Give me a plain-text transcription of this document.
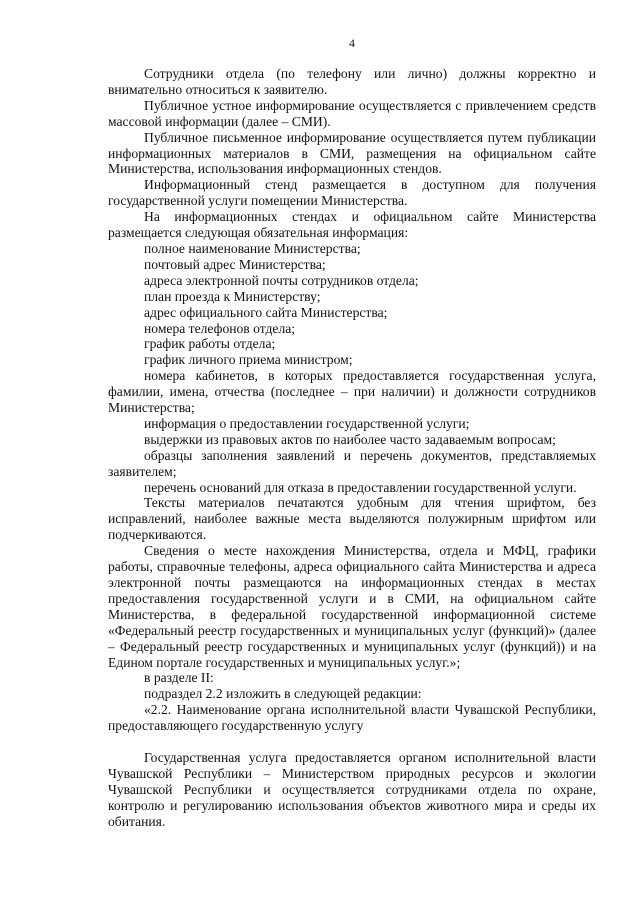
4

Сотрудники отдела (по телефону или лично) должны корректно и внимательно относиться к заявителю.

Публичное устное информирование осуществляется с привлечением средств массовой информации (далее – СМИ).

Публичное письменное информирование осуществляется путем публикации информационных материалов в СМИ, размещения на официальном сайте Министерства, использования информационных стендов.

Информационный стенд размещается в доступном для получения государственной услуги помещении Министерства.

На информационных стендах и официальном сайте Министерства размещается следующая обязательная информация:

полное наименование Министерства;

почтовый адрес Министерства;

адреса электронной почты сотрудников отдела;

план проезда к Министерству;

адрес официального сайта Министерства;

номера телефонов отдела;

график работы отдела;

график личного приема министром;

номера кабинетов, в которых предоставляется государственная услуга, фамилии, имена, отчества (последнее – при наличии) и должности сотрудников Министерства;

информация о предоставлении государственной услуги;

выдержки из правовых актов по наиболее часто задаваемым вопросам;

образцы заполнения заявлений и перечень документов, представляемых заявителем;

перечень оснований для отказа в предоставлении государственной услуги.

Тексты материалов печатаются удобным для чтения шрифтом, без исправлений, наиболее важные места выделяются полужирным шрифтом или подчеркиваются.

Сведения о месте нахождения Министерства, отдела и МФЦ, графики работы, справочные телефоны, адреса официального сайта Министерства и адреса электронной почты размещаются на информационных стендах в местах предоставления государственной услуги и в СМИ, на официальном сайте Министерства, в федеральной государственной информационной системе «Федеральный реестр государственных и муниципальных услуг (функций)» (далее – Федеральный реестр государственных и муниципальных услуг (функций)) и на Едином портале государственных и муниципальных услуг.»;

в разделе II:

подраздел 2.2 изложить в следующей редакции:

«2.2. Наименование органа исполнительной власти Чувашской Республики, предоставляющего государственную услугу

Государственная услуга предоставляется органом исполнительной власти Чувашской Республики – Министерством природных ресурсов и экологии Чувашской Республики и осуществляется сотрудниками отдела по охране, контролю и регулированию использования объектов животного мира и среды их обитания.
